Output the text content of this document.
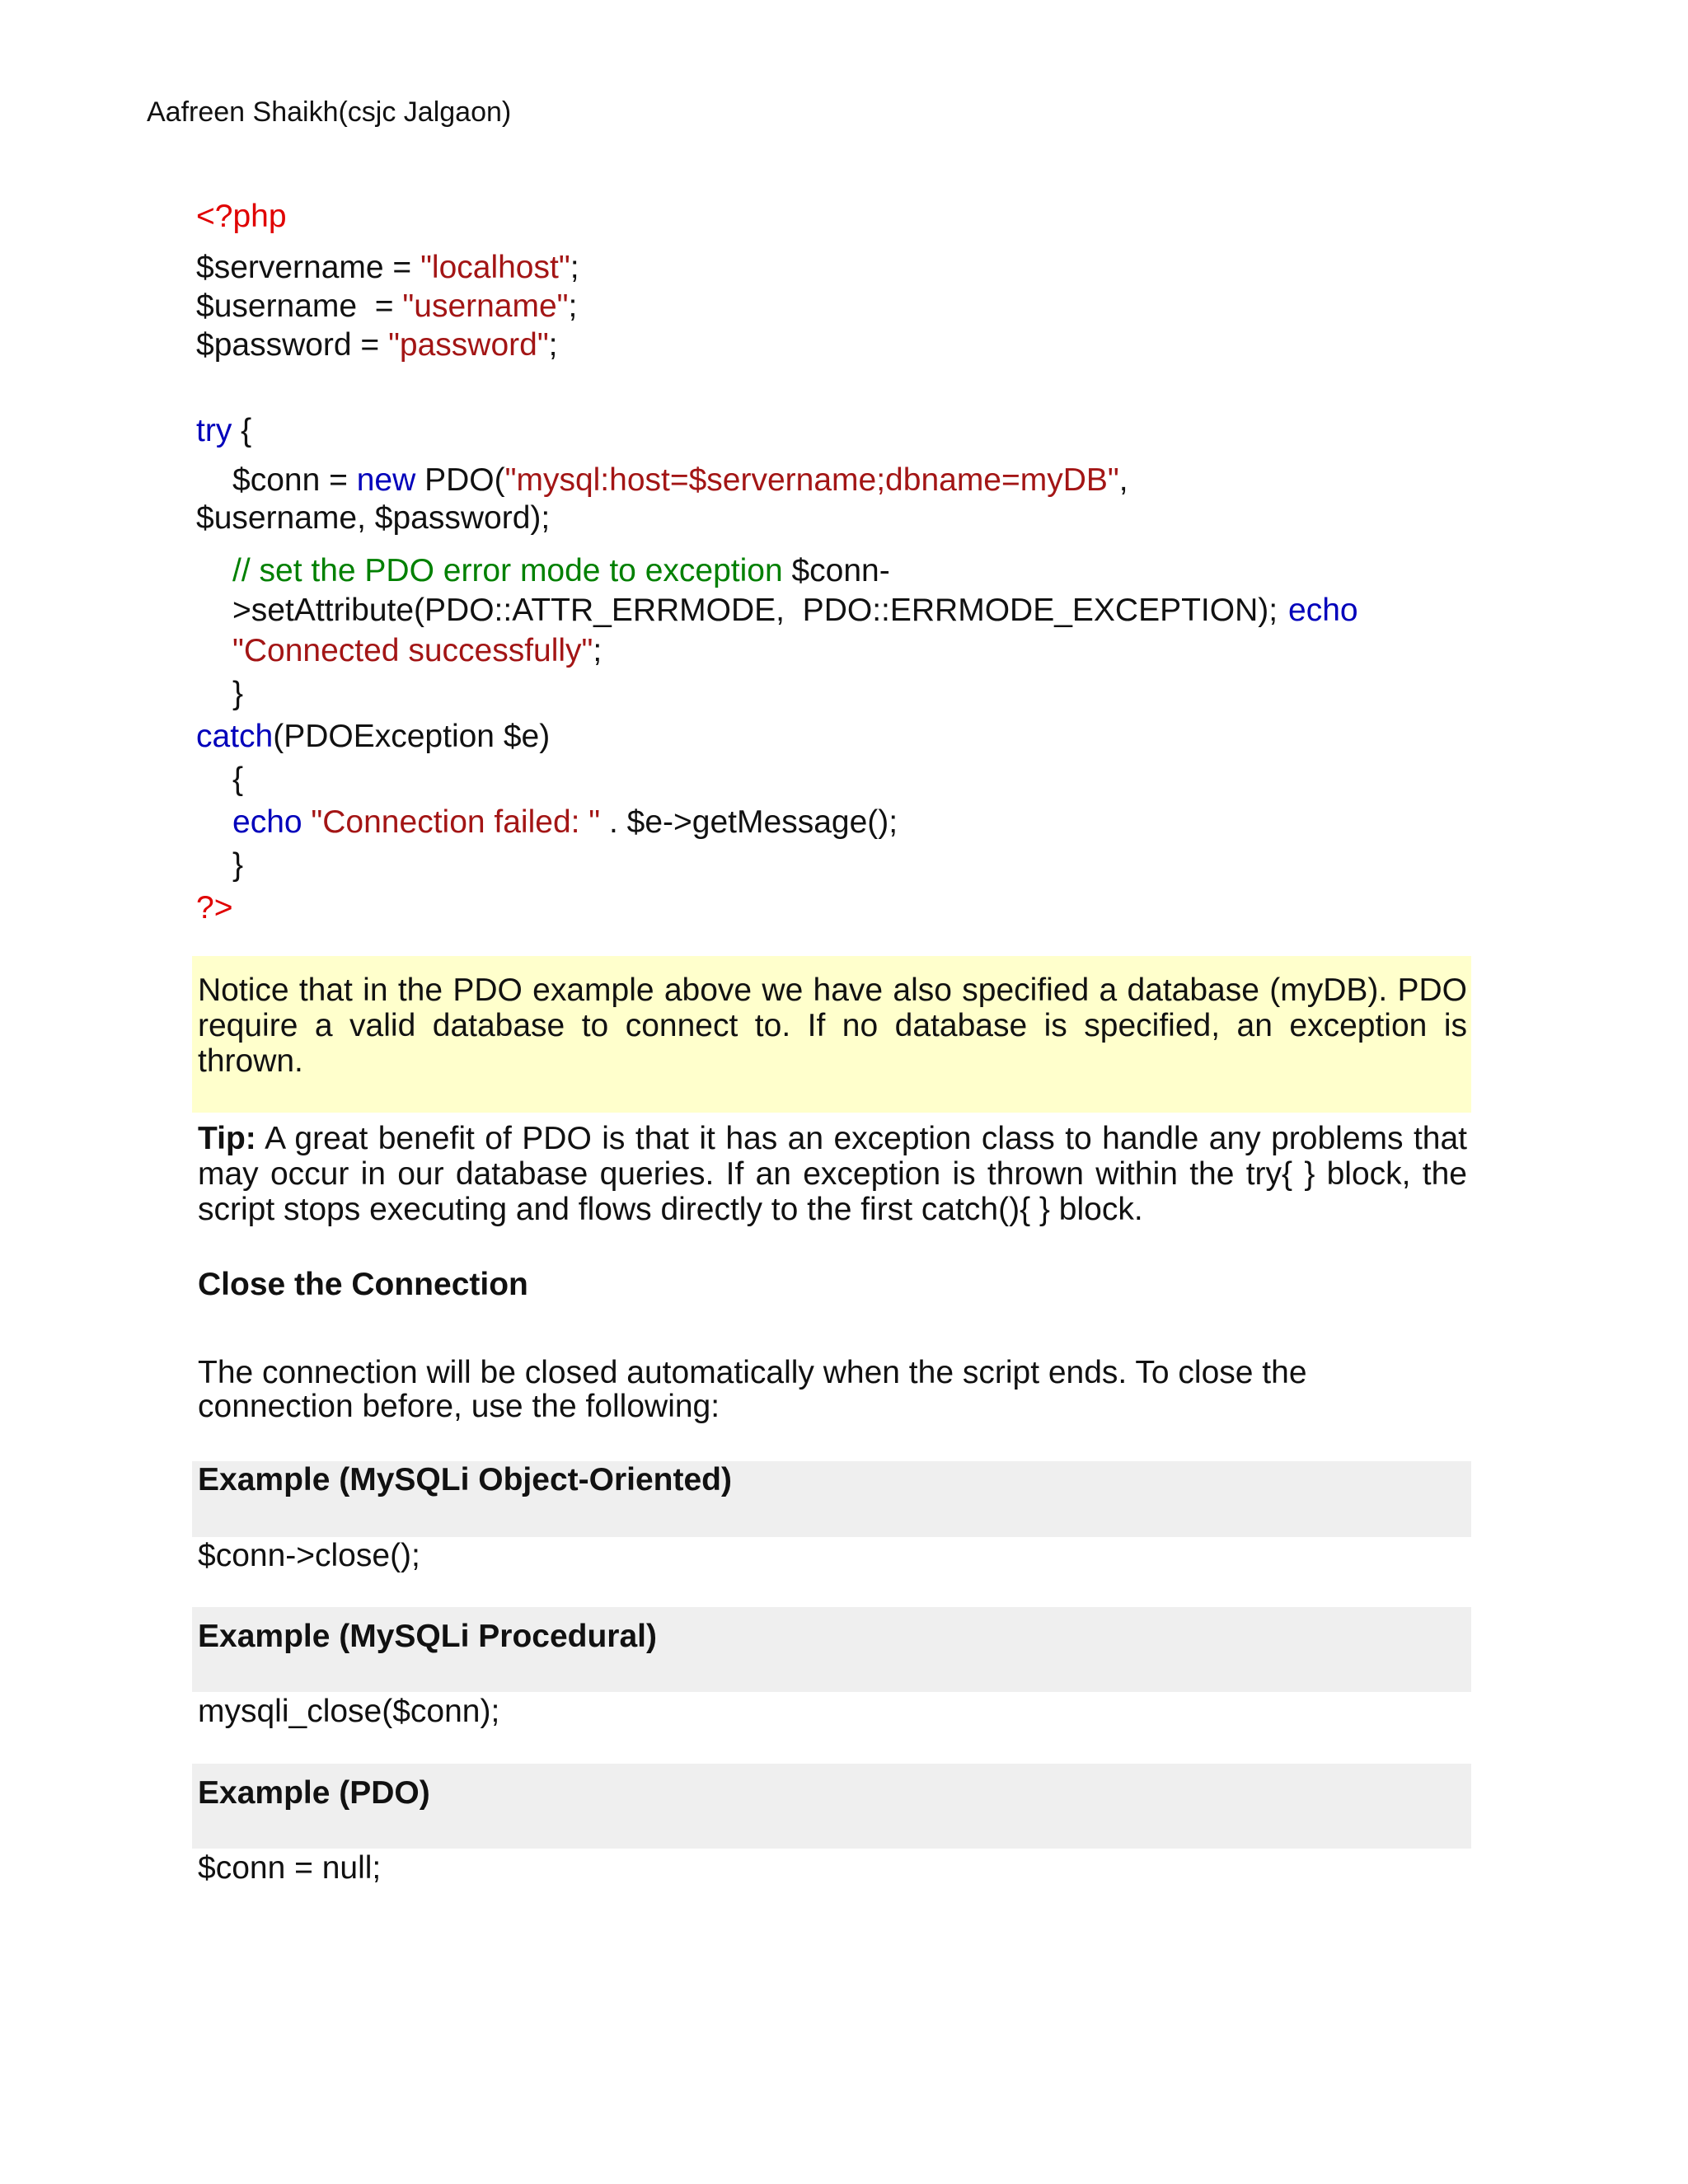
Aafreen Shaikh(csjc Jalgaon)
<?php
$servername = "localhost";
$username  = "username";
$password = "password";
try {
$conn = new PDO("mysql:host=$servername;dbname=myDB",
$username, $password);
// set the PDO error mode to exception $conn-
>setAttribute(PDO::ATTR_ERRMODE,  PDO::ERRMODE_EXCEPTION); echo
"Connected successfully";
}
catch(PDOException $e)
{
echo "Connection failed: " . $e->getMessage();
}
?>
Notice that in the PDO example above we have also specified a database (myDB). PDO require a valid database to connect to. If no database is specified, an exception is thrown.
Tip: A great benefit of PDO is that it has an exception class to handle any problems that may occur in our database queries. If an exception is thrown within the try{ } block, the script stops executing and flows directly to the first catch(){ } block.
Close the Connection
The connection will be closed automatically when the script ends. To close the
connection before, use the following:
Example (MySQLi Object-Oriented)
$conn->close();
Example (MySQLi Procedural)
mysqli_close($conn);
Example (PDO)
$conn = null;
